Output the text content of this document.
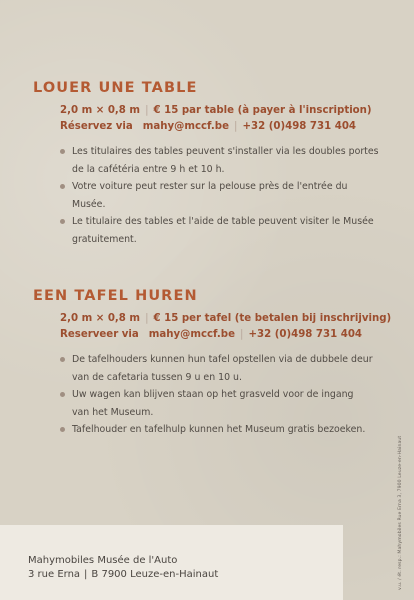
LOUER UNE TABLE
2,0 m × 0,8 m | € 15 par table (à payer à l'inscription)
Réservez via mahy@mccf.be | +32 (0)498 731 404
Les titulaires des tables peuvent s'installer via les doubles portes
de la cafétéria entre 9 h et 10 h.
Votre voiture peut rester sur la pelouse près de l'entrée du
Musée.
Le titulaire des tables et l'aide de table peuvent visiter le Musée
gratuitement.
EEN TAFEL HUREN
2,0 m × 0,8 m | € 15 per tafel (te betalen bij inschrijving)
Reserveer via mahy@mccf.be | +32 (0)498 731 404
De tafelhouders kunnen hun tafel opstellen via de dubbele deur
van de cafetaria tussen 9 u en 10 u.
Uw wagen kan blijven staan op het grasveld voor de ingang
van het Museum.
Tafelhouder en tafelhulp kunnen het Museum gratis bezoeken.
v.u. / ét. resp.: Mahymobiles Rue Erna 3, 7900 Leuze-en-Hainaut
Mahymobiles Musée de l'Auto
3 rue Erna | B 7900 Leuze-en-Hainaut
